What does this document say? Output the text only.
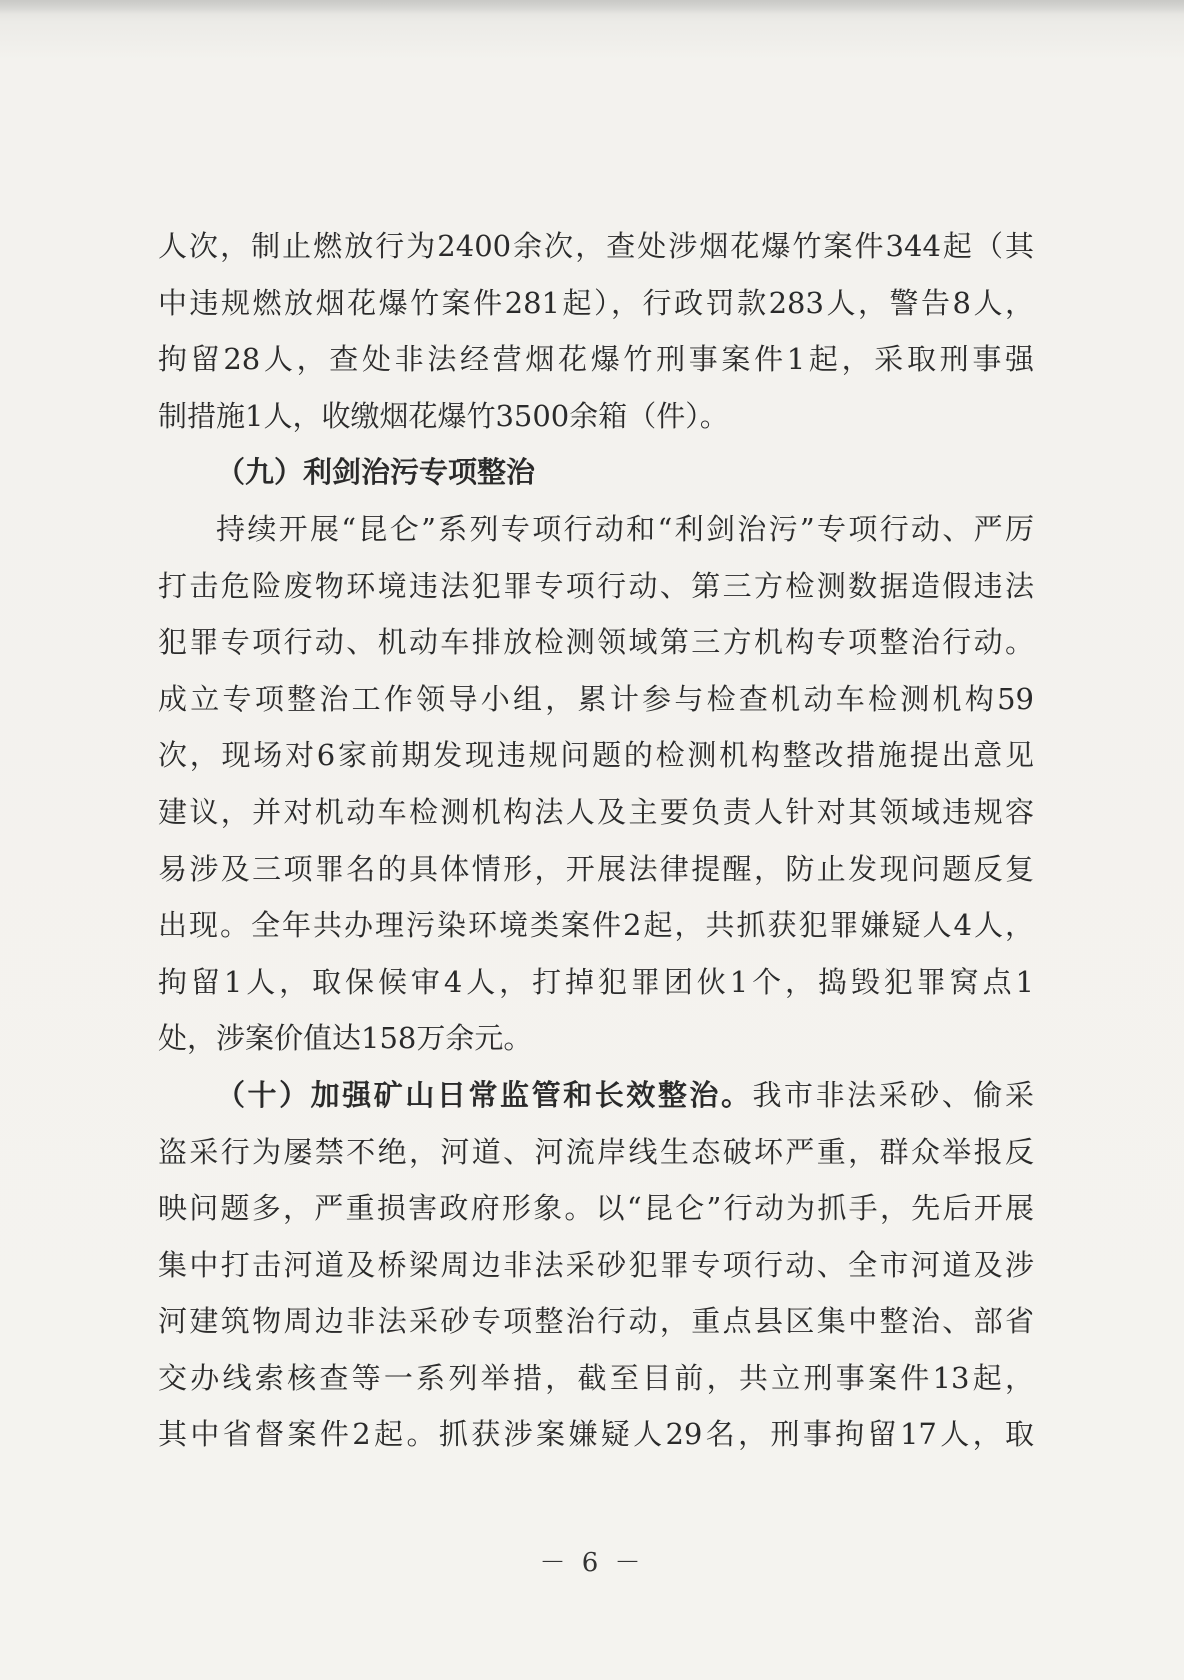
人次，制止燃放行为2400余次，查处涉烟花爆竹案件344起（其
中违规燃放烟花爆竹案件281起），行政罚款283人，警告8人，
拘留28人，查处非法经营烟花爆竹刑事案件1起，采取刑事强
制措施1人，收缴烟花爆竹3500余箱（件）。
（九）利剑治污专项整治
持续开展“昆仑”系列专项行动和“利剑治污”专项行动、严厉
打击危险废物环境违法犯罪专项行动、第三方检测数据造假违法
犯罪专项行动、机动车排放检测领域第三方机构专项整治行动。
成立专项整治工作领导小组，累计参与检查机动车检测机构59
次，现场对6家前期发现违规问题的检测机构整改措施提出意见
建议，并对机动车检测机构法人及主要负责人针对其领域违规容
易涉及三项罪名的具体情形，开展法律提醒，防止发现问题反复
出现。全年共办理污染环境类案件2起，共抓获犯罪嫌疑人4人，
拘留1人，取保候审4人，打掉犯罪团伙1个，捣毁犯罪窝点1
处，涉案价值达158万余元。
（十）加强矿山日常监管和长效整治。我市非法采砂、偷采
盗采行为屡禁不绝，河道、河流岸线生态破坏严重，群众举报反
映问题多，严重损害政府形象。以“昆仑”行动为抓手，先后开展
集中打击河道及桥梁周边非法采砂犯罪专项行动、全市河道及涉
河建筑物周边非法采砂专项整治行动，重点县区集中整治、部省
交办线索核查等一系列举措，截至目前，共立刑事案件13起，
其中省督案件2起。抓获涉案嫌疑人29名，刑事拘留17人，取
－ 6 －
